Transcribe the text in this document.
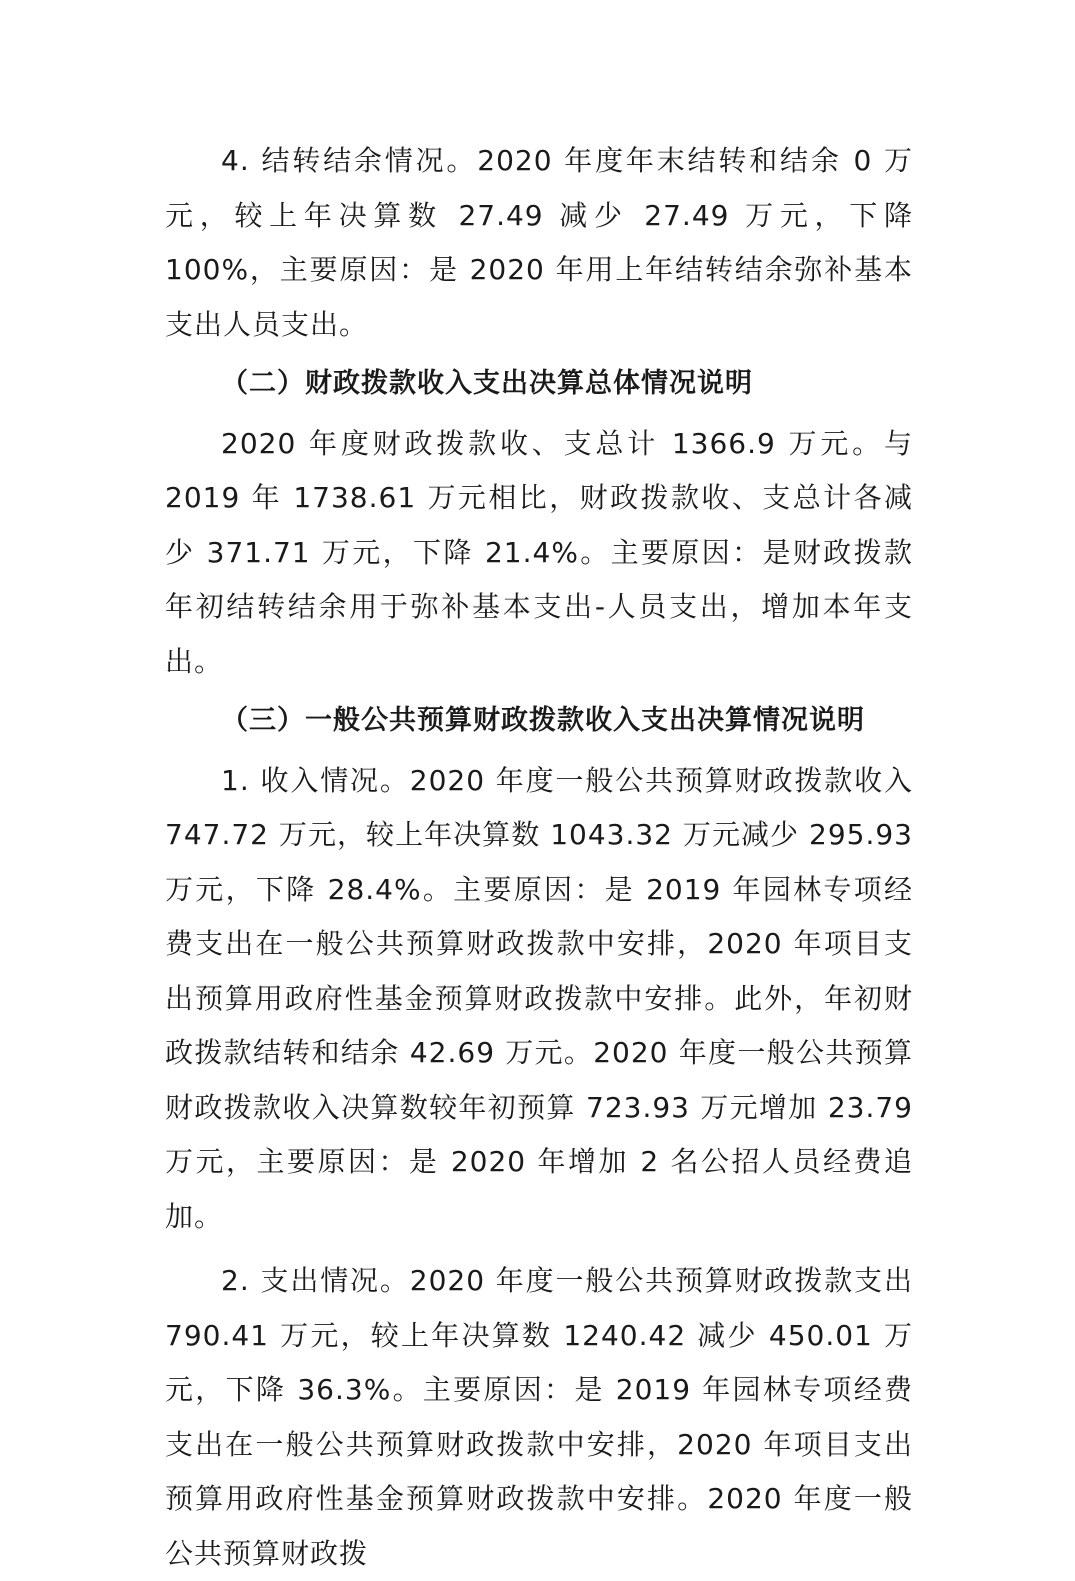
4. 结转结余情况。2020 年度年末结转和结余 0 万元，较上年决算数 27.49 减少 27.49 万元，下降 100%，主要原因：是 2020 年用上年结转结余弥补基本支出人员支出。

（二）财政拨款收入支出决算总体情况说明

2020 年度财政拨款收、支总计 1366.9 万元。与 2019 年 1738.61 万元相比，财政拨款收、支总计各减少 371.71 万元，下降 21.4%。主要原因：是财政拨款年初结转结余用于弥补基本支出-人员支出，增加本年支出。

（三）一般公共预算财政拨款收入支出决算情况说明

1. 收入情况。2020 年度一般公共预算财政拨款收入 747.72 万元，较上年决算数 1043.32 万元减少 295.93 万元，下降 28.4%。主要原因：是 2019 年园林专项经费支出在一般公共预算财政拨款中安排，2020 年项目支出预算用政府性基金预算财政拨款中安排。此外，年初财政拨款结转和结余 42.69 万元。2020 年度一般公共预算财政拨款收入决算数较年初预算 723.93 万元增加 23.79 万元，主要原因：是 2020 年增加 2 名公招人员经费追加。

2. 支出情况。2020 年度一般公共预算财政拨款支出 790.41 万元，较上年决算数 1240.42 减少 450.01 万元，下降 36.3%。主要原因：是 2019 年园林专项经费支出在一般公共预算财政拨款中安排，2020 年项目支出预算用政府性基金预算财政拨款中安排。2020 年度一般公共预算财政拨
